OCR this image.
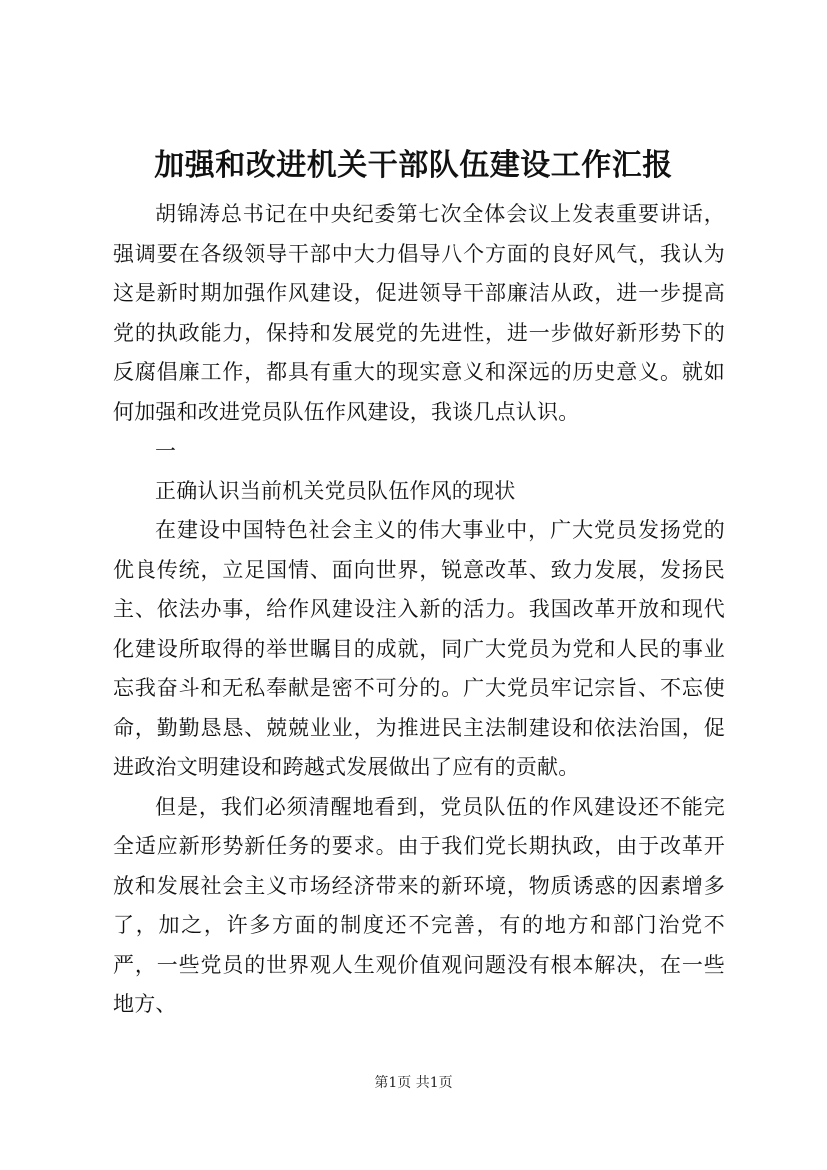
加强和改进机关干部队伍建设工作汇报

胡锦涛总书记在中央纪委第七次全体会议上发表重要讲话，强调要在各级领导干部中大力倡导八个方面的良好风气，我认为这是新时期加强作风建设，促进领导干部廉洁从政，进一步提高党的执政能力，保持和发展党的先进性，进一步做好新形势下的反腐倡廉工作，都具有重大的现实意义和深远的历史意义。就如何加强和改进党员队伍作风建设，我谈几点认识。

一

正确认识当前机关党员队伍作风的现状

在建设中国特色社会主义的伟大事业中，广大党员发扬党的优良传统，立足国情、面向世界，锐意改革、致力发展，发扬民主、依法办事，给作风建设注入新的活力。我国改革开放和现代化建设所取得的举世瞩目的成就，同广大党员为党和人民的事业忘我奋斗和无私奉献是密不可分的。广大党员牢记宗旨、不忘使命，勤勤恳恳、兢兢业业，为推进民主法制建设和依法治国，促进政治文明建设和跨越式发展做出了应有的贡献。

但是，我们必须清醒地看到，党员队伍的作风建设还不能完全适应新形势新任务的要求。由于我们党长期执政，由于改革开放和发展社会主义市场经济带来的新环境，物质诱惑的因素增多了，加之，许多方面的制度还不完善，有的地方和部门治党不严，一些党员的世界观人生观价值观问题没有根本解决，在一些地方、

第1页 共1页
